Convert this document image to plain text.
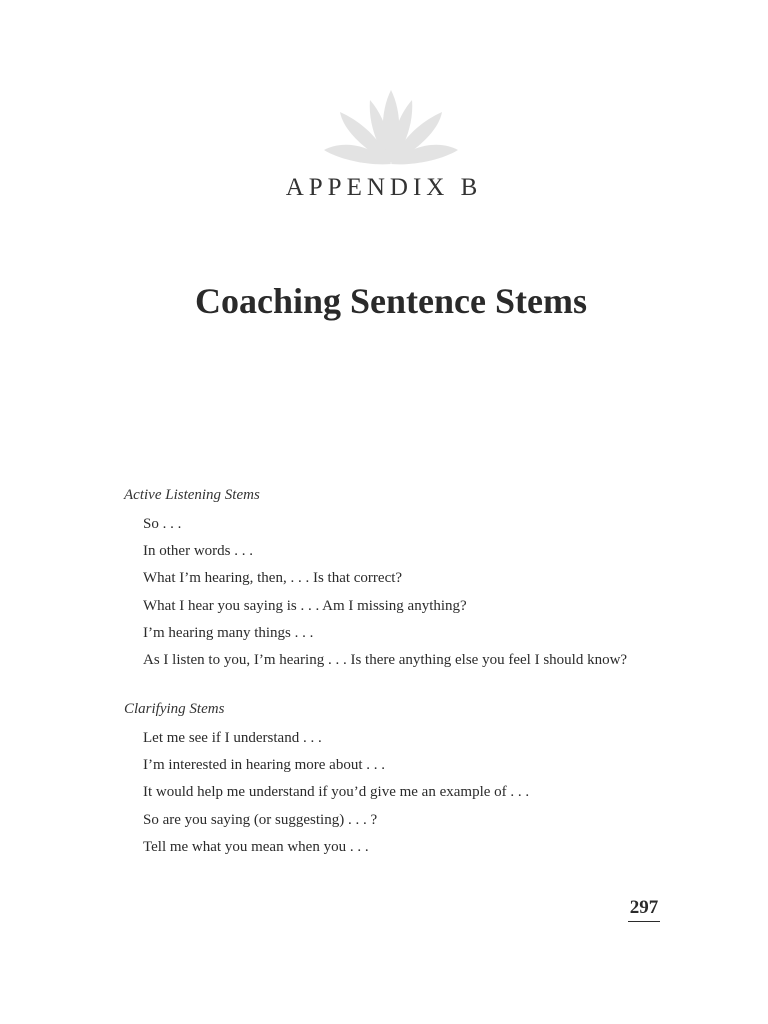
APPENDIX B
Coaching Sentence Stems

Active Listening Stems

So . . .
In other words . . .
What I’m hearing, then, . . . Is that correct?
What I hear you saying is . . . Am I missing anything?
I’m hearing many things . . .
As I listen to you, I’m hearing . . . Is there anything else you feel I should know?

Clarifying Stems

Let me see if I understand . . .
I’m interested in hearing more about . . .
It would help me understand if you’d give me an example of . . .
So are you saying (or suggesting) . . . ?
Tell me what you mean when you . . .
297
